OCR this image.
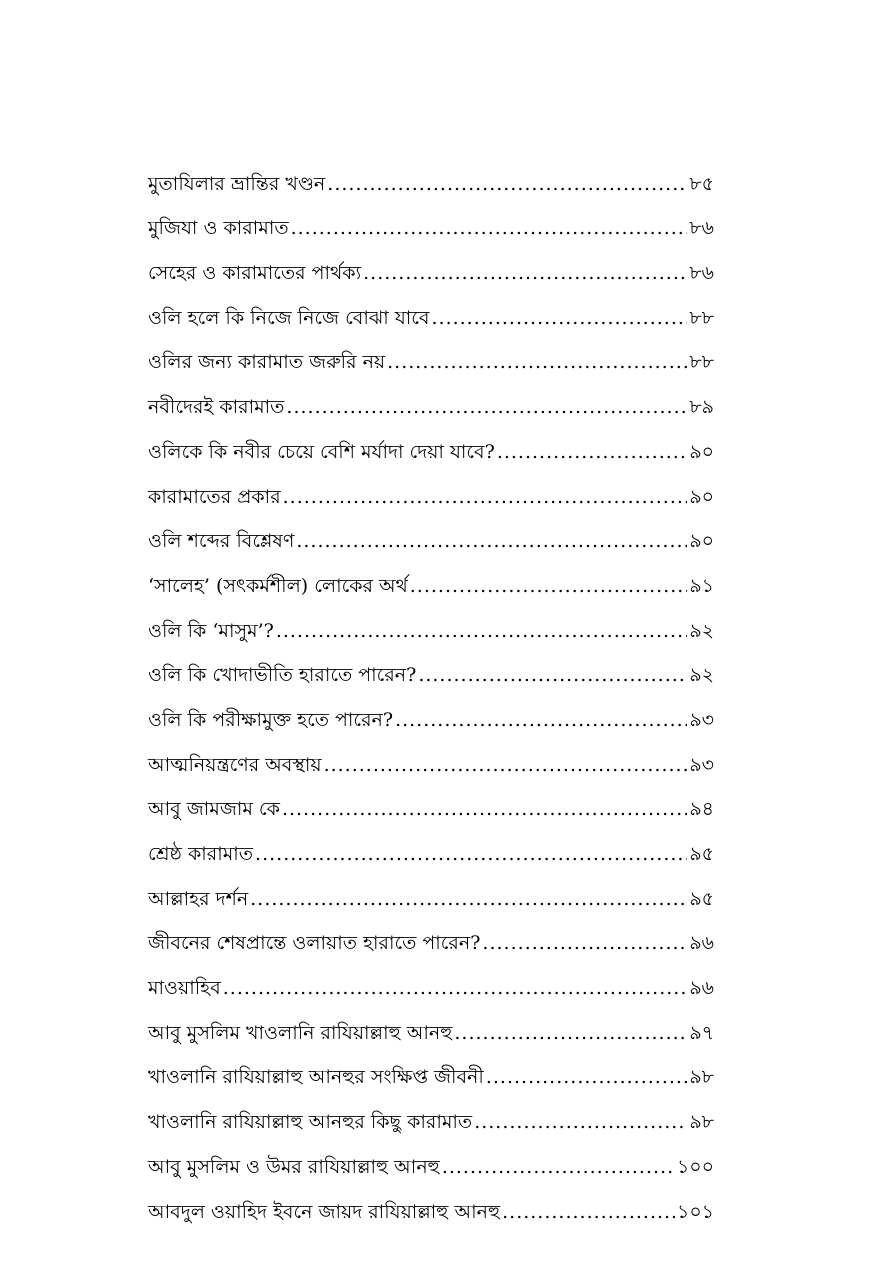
মুতাযিলার ভ্রান্তির খণ্ডন .....	৮৫
মুজিযা ও কারামাত .....	৮৬
সেহের ও কারামাতের পার্থক্য .....	৮৬
ওলি হলে কি নিজে নিজে বোঝা যাবে .....	৮৮
ওলির জন্য কারামাত জরুরি নয় .....	৮৮
নবীদেরই কারামাত .....	৮৯
ওলিকে কি নবীর চেয়ে বেশি মর্যাদা দেয়া যাবে? .....	৯০
কারামাতের প্রকার .....	৯০
ওলি শব্দের বিশ্লেষণ .....	৯০
‘সালেহ’ (সৎকর্মশীল) লোকের অর্থ .....	৯১
ওলি কি ‘মাসুম’? .....	৯২
ওলি কি খোদাভীতি হারাতে পারেন? .....	৯২
ওলি কি পরীক্ষামুক্ত হতে পারেন? .....	৯৩
আত্মনিয়ন্ত্রণের অবস্থায় .....	৯৩
আবু জামজাম কে .....	৯৪
শ্রেষ্ঠ কারামাত .....	৯৫
আল্লাহর দর্শন .....	৯৫
জীবনের শেষপ্রান্তে ওলায়াত হারাতে পারেন? .....	৯৬
মাওয়াহিব .....	৯৬
আবু মুসলিম খাওলানি রাযিয়াল্লাহু আনহু .....	৯৭
খাওলানি রাযিয়াল্লাহু আনহুর সংক্ষিপ্ত জীবনী .....	৯৮
খাওলানি রাযিয়াল্লাহু আনহুর কিছু কারামাত .....	৯৮
আবু মুসলিম ও উমর রাযিয়াল্লাহু আনহু .....	১০০
আবদুল ওয়াহিদ ইবনে জায়দ রাযিয়াল্লাহু আনহু .....	১০১
